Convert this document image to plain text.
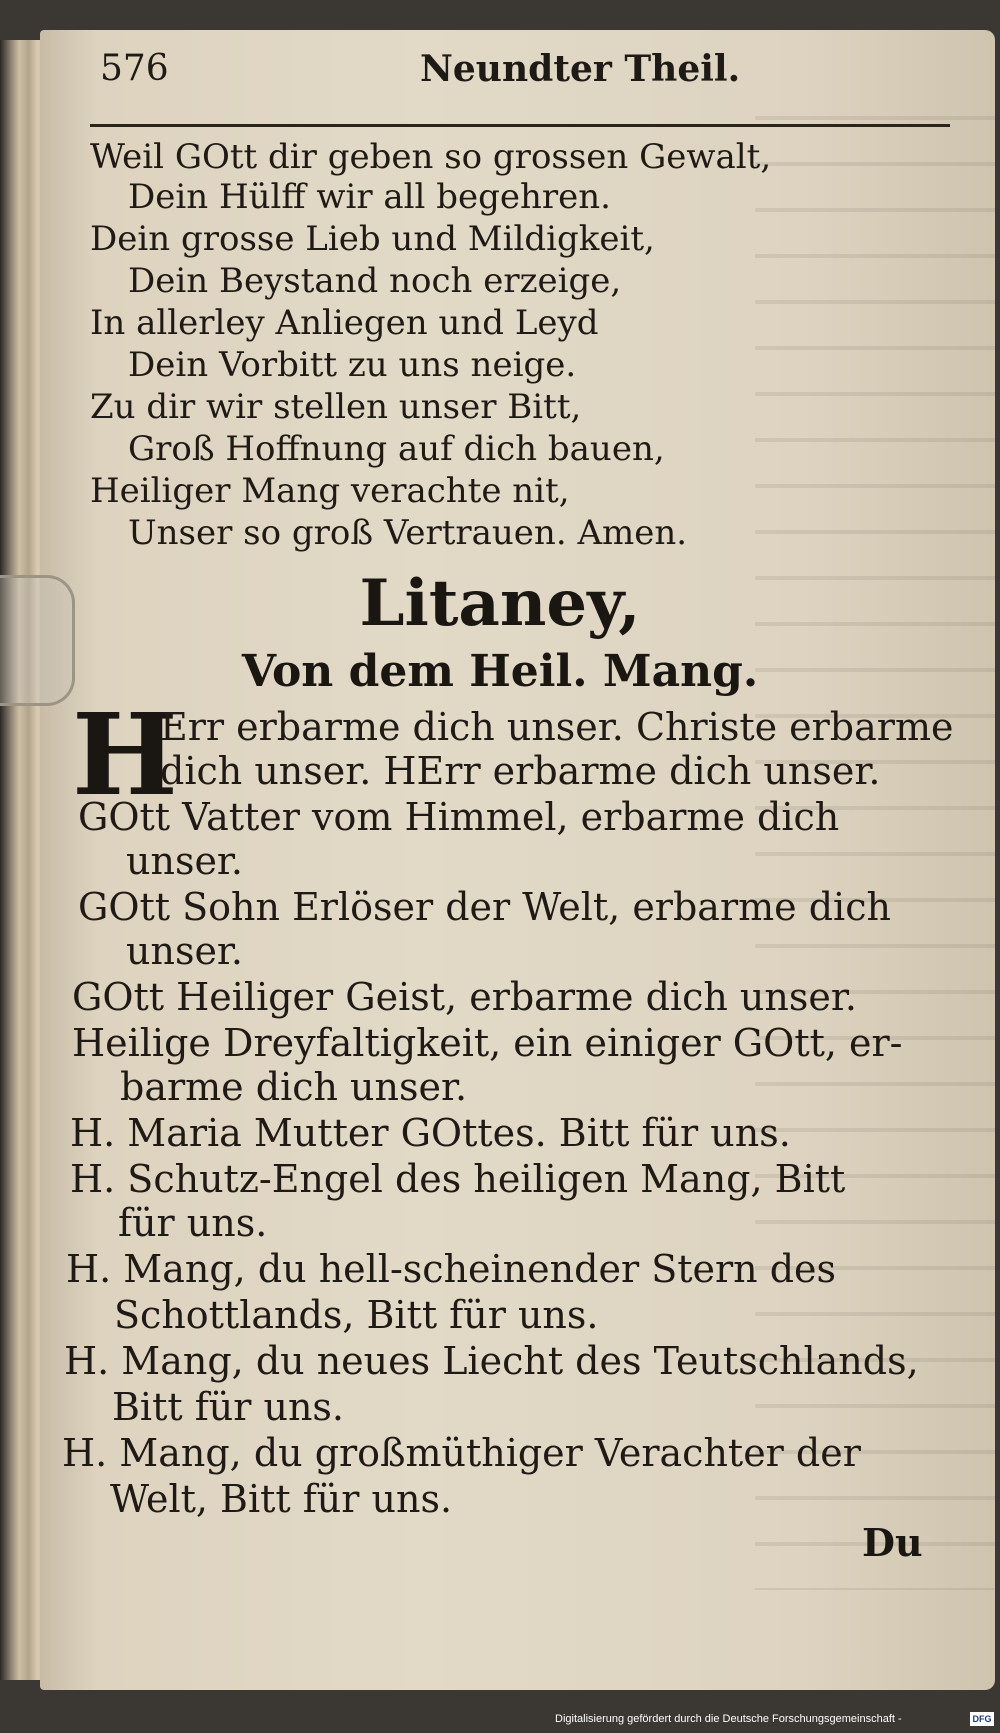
576	Neundter Theil.
Weil GOtt dir geben so grossen Gewalt,
Dein Hülff wir all begehren.
Dein grosse Lieb und Mildigkeit,
Dein Beystand noch erzeige,
In allerley Anliegen und Leyd
Dein Vorbitt zu uns neige.
Zu dir wir stellen unser Bitt,
Groß Hoffnung auf dich bauen,
Heiliger Mang verachte nit,
Unser so groß Vertrauen. Amen.
Litaney,
Von dem Heil. Mang.
H
Err erbarme dich unser. Christe erbarme
dich unser. HErr erbarme dich unser.
GOtt Vatter vom Himmel, erbarme dich
unser.
GOtt Sohn Erlöser der Welt, erbarme dich
unser.
GOtt Heiliger Geist, erbarme dich unser.
Heilige Dreyfaltigkeit, ein einiger GOtt, er-
barme dich unser.
H. Maria Mutter GOttes. Bitt für uns.
H. Schutz-Engel des heiligen Mang, Bitt
für uns.
H. Mang, du hell-scheinender Stern des
Schottlands, Bitt für uns.
H. Mang, du neues Liecht des Teutschlands,
Bitt für uns.
H. Mang, du großmüthiger Verachter der
Welt, Bitt für uns.
Du
Digitalisierung gefördert durch die Deutsche Forschungsgemeinschaft -	DFG
